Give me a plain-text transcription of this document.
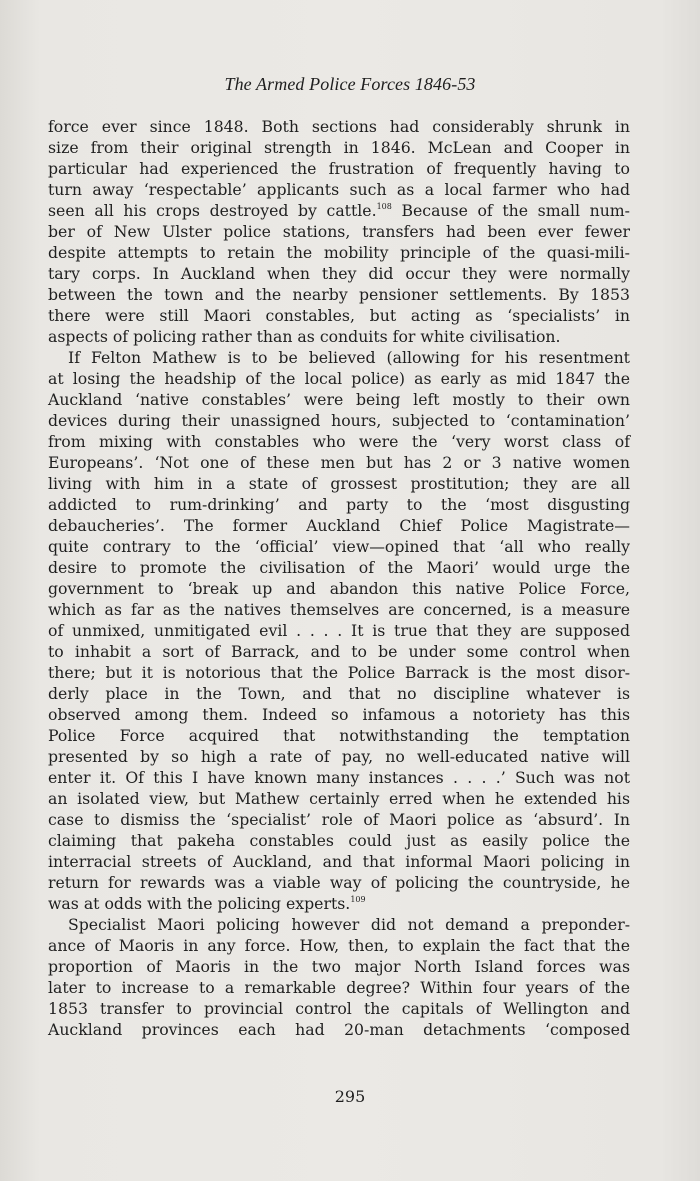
The Armed Police Forces 1846-53
force ever since 1848. Both sections had considerably shrunk in
size from their original strength in 1846. McLean and Cooper in
particular had experienced the frustration of frequently having to
turn away ‘respectable’ applicants such as a local farmer who had
seen all his crops destroyed by cattle.$^{108}$ Because of the small num-
ber of New Ulster police stations, transfers had been ever fewer
despite attempts to retain the mobility principle of the quasi-mili-
tary corps. In Auckland when they did occur they were normally
between the town and the nearby pensioner settlements. By 1853
there were still Maori constables, but acting as ‘specialists’ in
aspects of policing rather than as conduits for white civilisation.
If Felton Mathew is to be believed (allowing for his resentment
at losing the headship of the local police) as early as mid 1847 the
Auckland ‘native constables’ were being left mostly to their own
devices during their unassigned hours, subjected to ‘contamination’
from mixing with constables who were the ‘very worst class of
Europeans’. ‘Not one of these men but has 2 or 3 native women
living with him in a state of grossest prostitution; they are all
addicted to rum-drinking’ and party to the ‘most disgusting
debaucheries’. The former Auckland Chief Police Magistrate—
quite contrary to the ‘official’ view—opined that ‘all who really
desire to promote the civilisation of the Maori’ would urge the
government to ‘break up and abandon this native Police Force,
which as far as the natives themselves are concerned, is a measure
of unmixed, unmitigated evil . . . . It is true that they are supposed
to inhabit a sort of Barrack, and to be under some control when
there; but it is notorious that the Police Barrack is the most disor-
derly place in the Town, and that no discipline whatever is
observed among them. Indeed so infamous a notoriety has this
Police Force acquired that notwithstanding the temptation
presented by so high a rate of pay, no well-educated native will
enter it. Of this I have known many instances . . . .’ Such was not
an isolated view, but Mathew certainly erred when he extended his
case to dismiss the ‘specialist’ role of Maori police as ‘absurd’. In
claiming that pakeha constables could just as easily police the
interracial streets of Auckland, and that informal Maori policing in
return for rewards was a viable way of policing the countryside, he
was at odds with the policing experts.$^{109}$
Specialist Maori policing however did not demand a preponder-
ance of Maoris in any force. How, then, to explain the fact that the
proportion of Maoris in the two major North Island forces was
later to increase to a remarkable degree? Within four years of the
1853 transfer to provincial control the capitals of Wellington and
Auckland provinces each had 20-man detachments ‘composed
295
